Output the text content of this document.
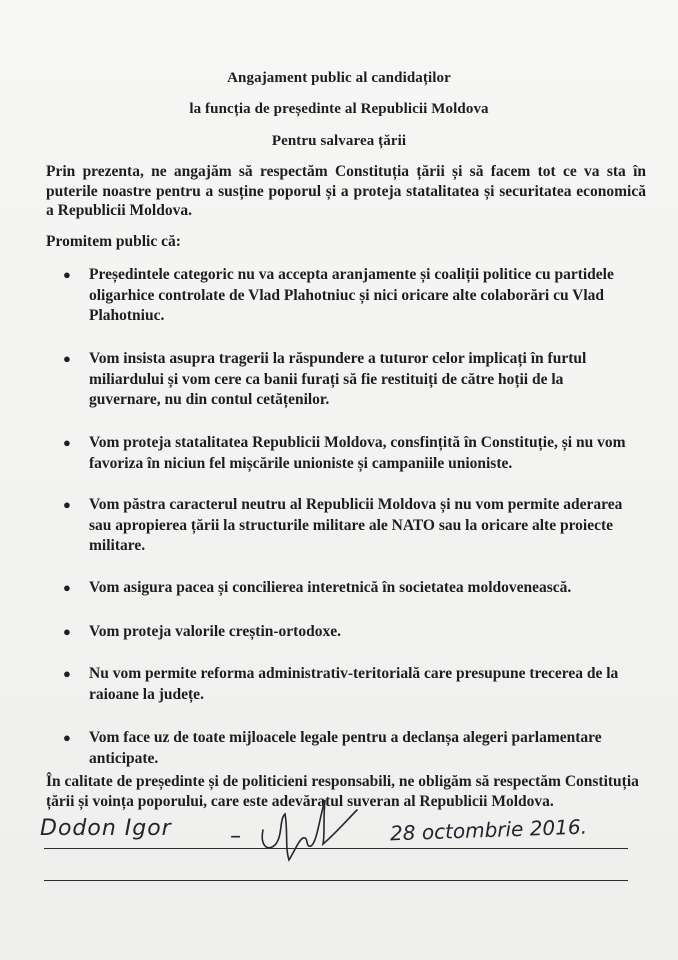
Angajament public al candidaților
la funcția de președinte al Republicii Moldova
Pentru salvarea țării
Prin prezenta, ne angajăm să respectăm Constituția țării și să facem tot ce va sta în puterile noastre pentru a susține poporul și a proteja statalitatea și securitatea economică a Republicii Moldova.
Promitem public că:
● Președintele categoric nu va accepta aranjamente și coaliții politice cu partidele oligarhice controlate de Vlad Plahotniuc și nici oricare alte colaborări cu Vlad Plahotniuc.
● Vom insista asupra tragerii la răspundere a tuturor celor implicați în furtul miliardului și vom cere ca banii furați să fie restituiți de către hoții de la guvernare, nu din contul cetățenilor.
● Vom proteja statalitatea Republicii Moldova, consfințită în Constituție, și nu vom favoriza în niciun fel mișcările unioniste și campaniile unioniste.
● Vom păstra caracterul neutru al Republicii Moldova și nu vom permite aderarea sau apropierea țării la structurile militare ale NATO sau la oricare alte proiecte militare.
● Vom asigura pacea și concilierea interetnică în societatea moldovenească.
● Vom proteja valorile creștin-ortodoxe.
● Nu vom permite reforma administrativ-teritorială care presupune trecerea de la raioane la județe.
● Vom face uz de toate mijloacele legale pentru a declanșa alegeri parlamentare anticipate.
În calitate de președinte și de politicieni responsabili, ne obligăm să respectăm Constituția țării și voința poporului, care este adevăratul suveran al Republicii Moldova.
Dodon Igor	–	28 octombrie 2016.
